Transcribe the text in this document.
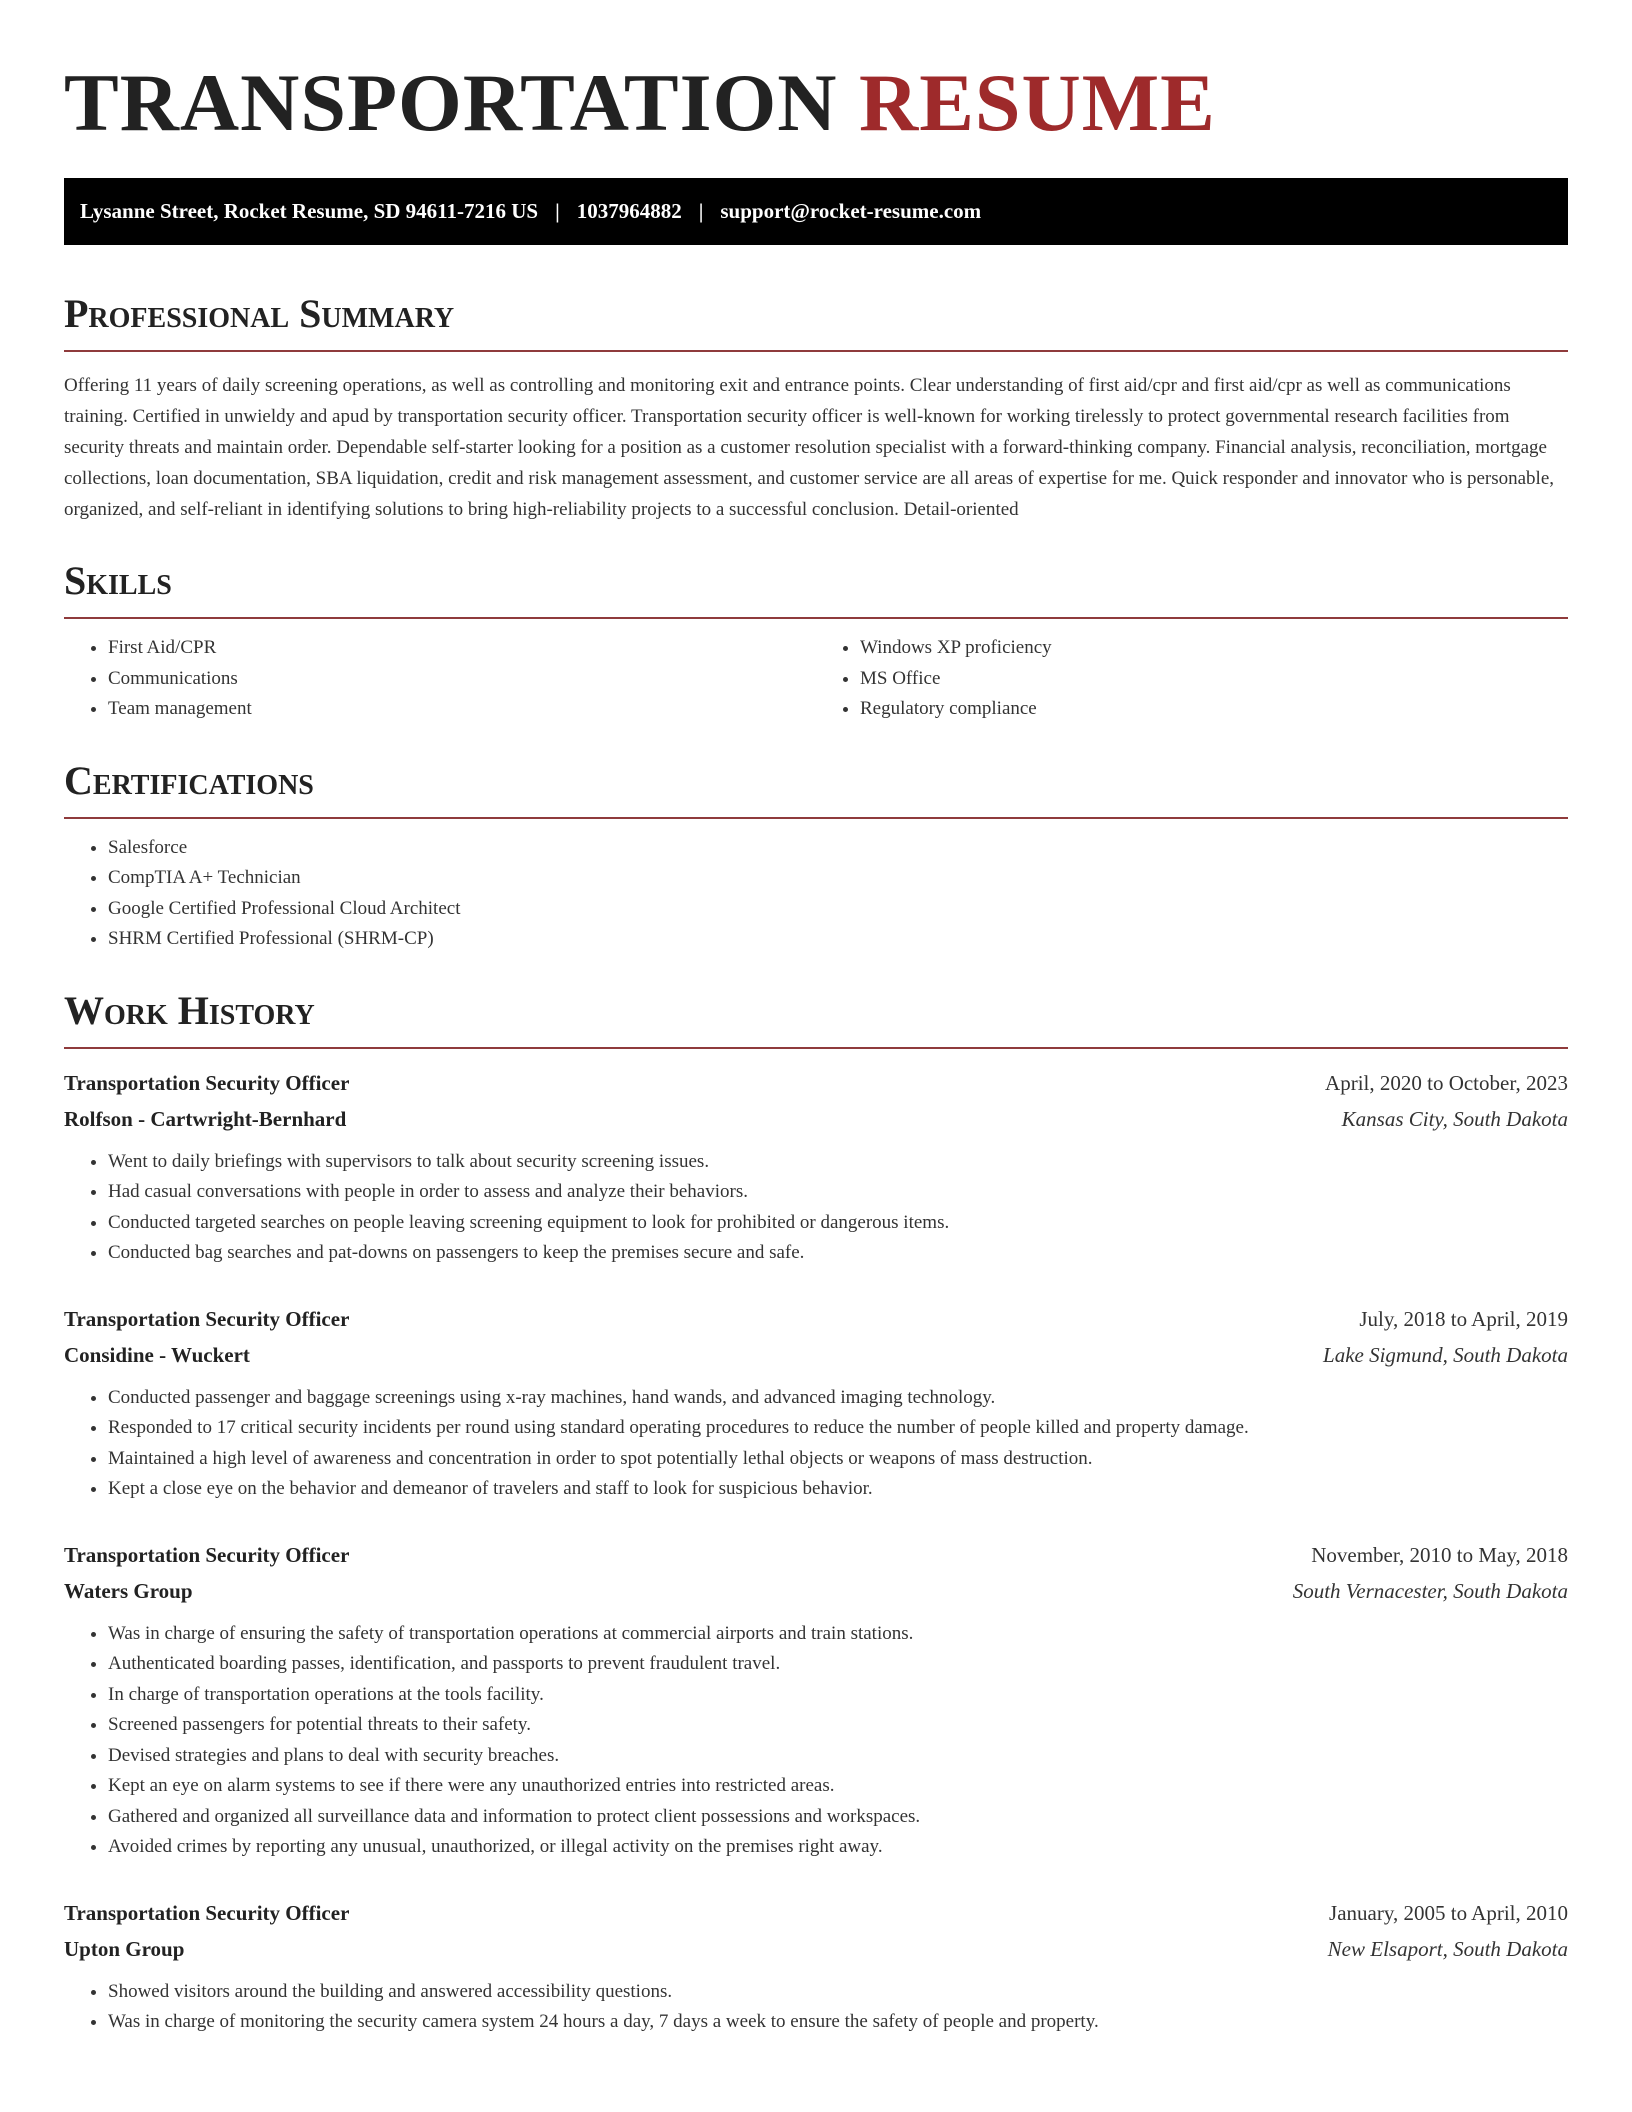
TRANSPORTATION RESUME
Lysanne Street, Rocket Resume, SD 94611-7216 US | 1037964882 | support@rocket-resume.com
Professional Summary

Offering 11 years of daily screening operations, as well as controlling and monitoring exit and entrance points. Clear understanding of first aid/cpr and first aid/cpr as well as communications training. Certified in unwieldy and apud by transportation security officer. Transportation security officer is well-known for working tirelessly to protect governmental research facilities from security threats and maintain order. Dependable self-starter looking for a position as a customer resolution specialist with a forward-thinking company. Financial analysis, reconciliation, mortgage collections, loan documentation, SBA liquidation, credit and risk management assessment, and customer service are all areas of expertise for me. Quick responder and innovator who is personable, organized, and self-reliant in identifying solutions to bring high-reliability projects to a successful conclusion. Detail-oriented

Skills
• First Aid/CPR
• Communications
• Team management
• Windows XP proficiency
• MS Office
• Regulatory compliance
Certifications
• Salesforce
• CompTIA A+ Technician
• Google Certified Professional Cloud Architect
• SHRM Certified Professional (SHRM-CP)
Work History
Transportation Security Officer	April, 2020 to October, 2023
Rolfson - Cartwright-Bernhard	Kansas City, South Dakota
• Went to daily briefings with supervisors to talk about security screening issues.
• Had casual conversations with people in order to assess and analyze their behaviors.
• Conducted targeted searches on people leaving screening equipment to look for prohibited or dangerous items.
• Conducted bag searches and pat-downs on passengers to keep the premises secure and safe.
Transportation Security Officer	July, 2018 to April, 2019
Considine - Wuckert	Lake Sigmund, South Dakota
• Conducted passenger and baggage screenings using x-ray machines, hand wands, and advanced imaging technology.
• Responded to 17 critical security incidents per round using standard operating procedures to reduce the number of people killed and property damage.
• Maintained a high level of awareness and concentration in order to spot potentially lethal objects or weapons of mass destruction.
• Kept a close eye on the behavior and demeanor of travelers and staff to look for suspicious behavior.
Transportation Security Officer	November, 2010 to May, 2018
Waters Group	South Vernacester, South Dakota
• Was in charge of ensuring the safety of transportation operations at commercial airports and train stations.
• Authenticated boarding passes, identification, and passports to prevent fraudulent travel.
• In charge of transportation operations at the tools facility.
• Screened passengers for potential threats to their safety.
• Devised strategies and plans to deal with security breaches.
• Kept an eye on alarm systems to see if there were any unauthorized entries into restricted areas.
• Gathered and organized all surveillance data and information to protect client possessions and workspaces.
• Avoided crimes by reporting any unusual, unauthorized, or illegal activity on the premises right away.
Transportation Security Officer	January, 2005 to April, 2010
Upton Group	New Elsaport, South Dakota
• Showed visitors around the building and answered accessibility questions.
• Was in charge of monitoring the security camera system 24 hours a day, 7 days a week to ensure the safety of people and property.
